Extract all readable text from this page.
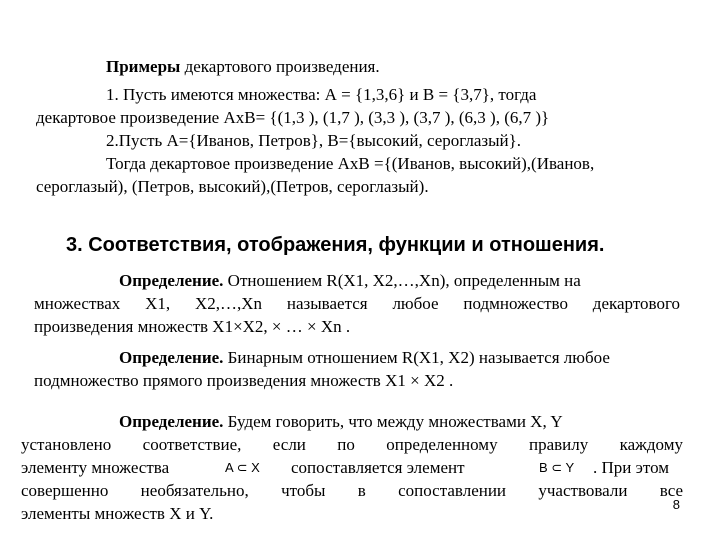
Примеры декартового произведения.
1. Пусть имеются множества: А = {1,3,6} и В = {3,7}, тогда
декартовое произведение АxВ= {(1,3 ), (1,7 ), (3,3 ), (3,7 ), (6,3 ), (6,7 )}
2.Пусть А={Иванов, Петров}, В={высокий, сероглазый}.
Тогда декартовое произведение АxВ ={(Иванов, высокий),(Иванов,
сероглазый), (Петров, высокий),(Петров, сероглазый).
3. Соответствия, отображения, функции и отношения.
Определение. Отношением R(X1, X2,…,Xn), определенным на
множествах X1, X2,…,Xn называется любое подмножество декартового
произведения множеств X1×X2, × … × Xn .
Определение. Бинарным отношением R(X1, X2) называется любое
подмножество прямого произведения множеств X1 × X2 .
Определение. Будем говорить, что между множествами X, Y
установлено соответствие, если по определенному правилу каждому
элементу множества	A ⊂ X сопоставляется элемент	B ⊂ Y . При этом
совершенно необязательно, чтобы в сопоставлении участвовали все
элементы множеств X и Y.	8
